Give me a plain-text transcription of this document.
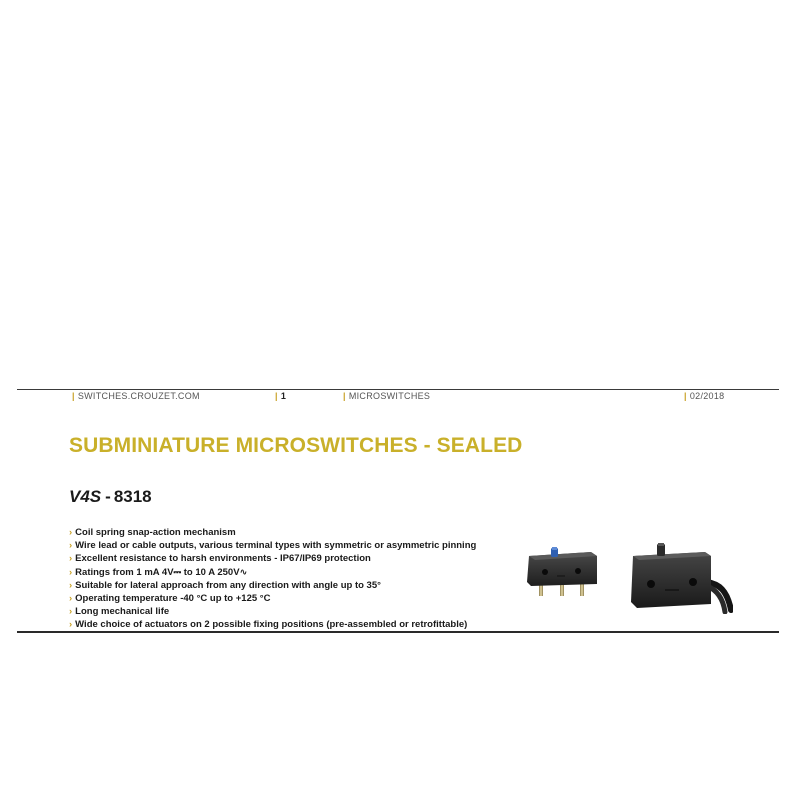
| SWITCHES.CROUZET.COM	| 1	| MICROSWITCHES	| 02/2018
SUBMINIATURE MICROSWITCHES - SEALED
V4S - 8318
› Coil spring snap-action mechanism
› Wire lead or cable outputs, various terminal types with symmetric or asymmetric pinning
› Excellent resistance to harsh environments - IP67/IP69 protection
› Ratings from 1 mA 4V⎓ to 10 A 250V∿
› Suitable for lateral approach from any direction with angle up to 35°
› Operating temperature -40 °C up to +125 °C
› Long mechanical life
› Wide choice of actuators on 2 possible fixing positions (pre-assembled or retrofittable)
